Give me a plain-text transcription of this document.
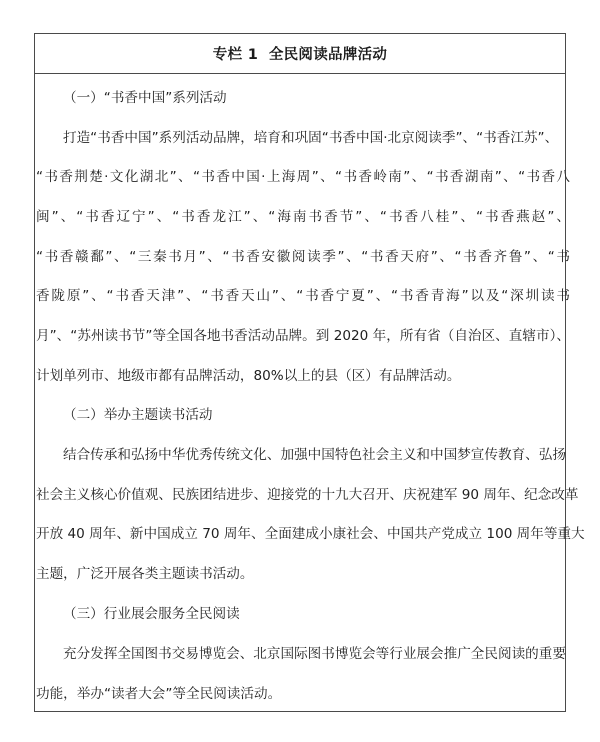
专栏 1  全民阅读品牌活动
（一）“书香中国”系列活动
打造“书香中国”系列活动品牌，培育和巩固“书香中国·北京阅读季”、“书香江苏”、
“书香荆楚·文化湖北”、“书香中国·上海周”、“书香岭南”、“书香湖南”、“书香八
闽”、“书香辽宁”、“书香龙江”、“海南书香节”、“书香八桂”、“书香燕赵”、
“书香赣鄱”、“三秦书月”、“书香安徽阅读季”、“书香天府”、“书香齐鲁”、“书
香陇原”、“书香天津”、“书香天山”、“书香宁夏”、“书香青海”以及“深圳读书
月”、“苏州读书节”等全国各地书香活动品牌。到 2020 年，所有省（自治区、直辖市）、
计划单列市、地级市都有品牌活动，80%以上的县（区）有品牌活动。
（二）举办主题读书活动
结合传承和弘扬中华优秀传统文化、加强中国特色社会主义和中国梦宣传教育、弘扬
社会主义核心价值观、民族团结进步、迎接党的十九大召开、庆祝建军 90 周年、纪念改革
开放 40 周年、新中国成立 70 周年、全面建成小康社会、中国共产党成立 100 周年等重大
主题，广泛开展各类主题读书活动。
（三）行业展会服务全民阅读
充分发挥全国图书交易博览会、北京国际图书博览会等行业展会推广全民阅读的重要
功能，举办“读者大会”等全民阅读活动。
